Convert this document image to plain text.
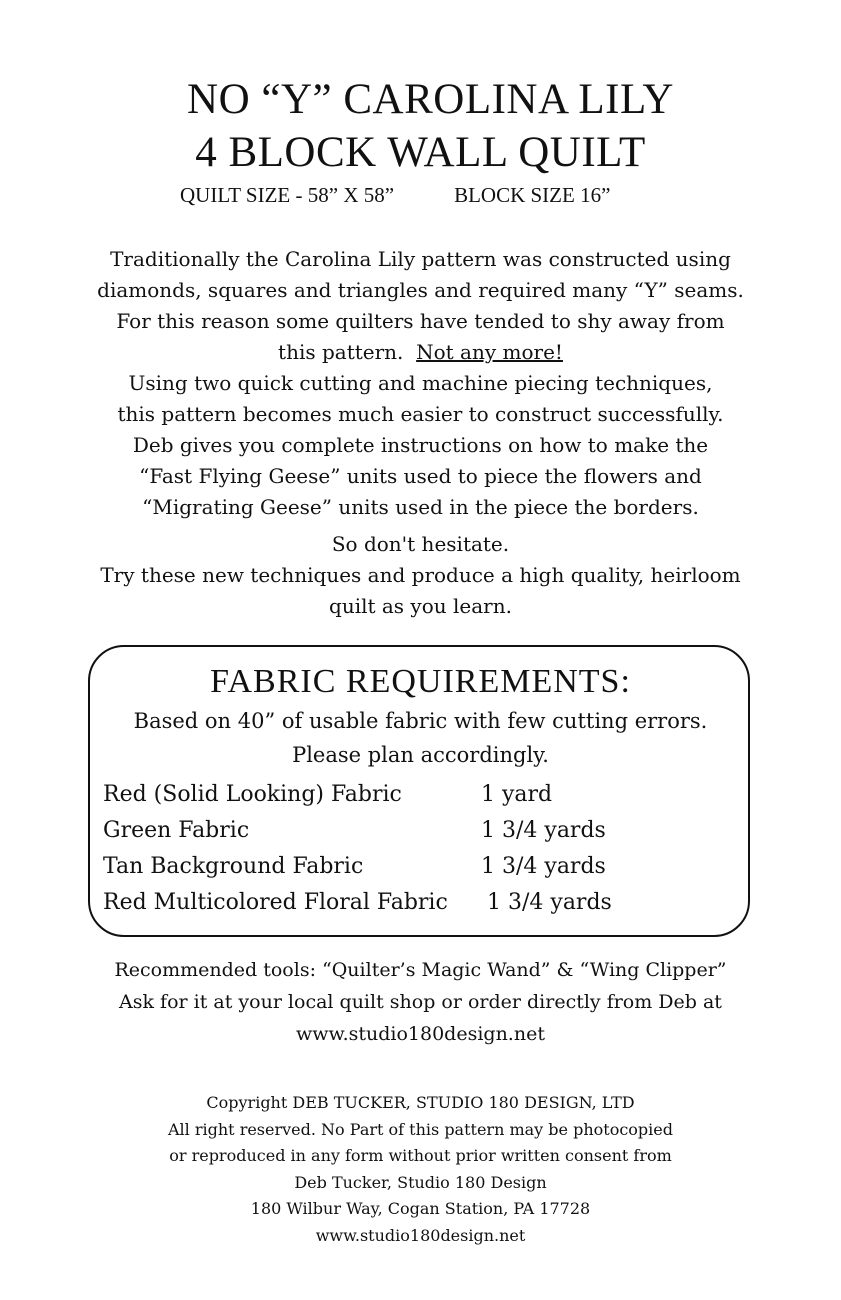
NO “Y” CAROLINA LILY
4 BLOCK WALL QUILT
QUILT SIZE - 58” X 58”	BLOCK SIZE 16”
Traditionally the Carolina Lily pattern was constructed using
diamonds, squares and triangles and required many “Y” seams.
For this reason some quilters have tended to shy away from
this pattern. Not any more!
Using two quick cutting and machine piecing techniques,
this pattern becomes much easier to construct successfully.
Deb gives you complete instructions on how to make the
“Fast Flying Geese” units used to piece the flowers and
“Migrating Geese” units used in the piece the borders.
So don't hesitate.
Try these new techniques and produce a high quality, heirloom
quilt as you learn.
FABRIC REQUIREMENTS:
Based on 40” of usable fabric with few cutting errors.
Please plan accordingly.
Red (Solid Looking) Fabric	1 yard
Green Fabric	1 3/4 yards
Tan Background Fabric	1 3/4 yards
Red Multicolored Floral Fabric 1 3/4 yards
Recommended tools: “Quilter’s Magic Wand” & “Wing Clipper”
Ask for it at your local quilt shop or order directly from Deb at
www.studio180design.net
Copyright DEB TUCKER, STUDIO 180 DESIGN, LTD
All right reserved. No Part of this pattern may be photocopied
or reproduced in any form without prior written consent from
Deb Tucker, Studio 180 Design
180 Wilbur Way, Cogan Station, PA 17728
www.studio180design.net
